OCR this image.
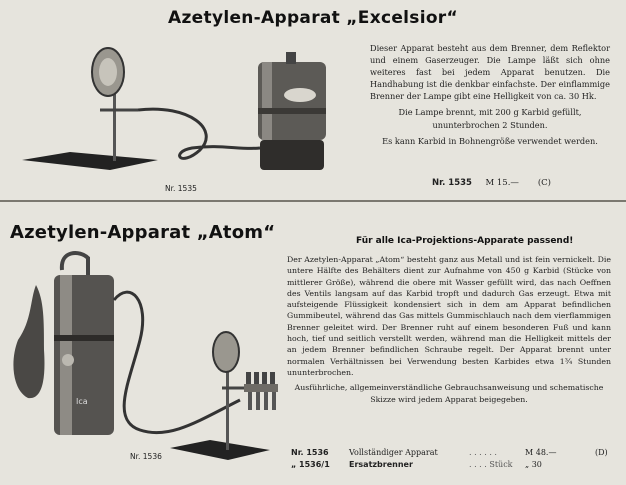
Ica
Azetylen-Apparat „Excelsior“

Dieser Apparat besteht aus dem Brenner, dem Reflektor und einem Gaserzeuger. Die Lampe läßt sich ohne weiteres fast bei jedem Apparat benutzen. Die Handhabung ist die denkbar einfachste. Der einflammige Brenner der Lampe gibt eine Helligkeit von ca. 30 Hk.

Die Lampe brennt, mit 200 g Karbid gefüllt, ununterbrochen 2 Stunden.

Es kann Karbid in Bohnengröße verwendet werden.

Nr. 1535
Nr. 1535 M 15.— (C)
Azetylen-Apparat „Atom“	Für alle Ica-Projektions-Apparate passend!

Der Azetylen-Apparat „Atom“ besteht ganz aus Metall und ist fein vernickelt. Die untere Hälfte des Behälters dient zur Aufnahme von 450 g Karbid (Stücke von mittlerer Größe), während die obere mit Wasser gefüllt wird, das nach Oeffnen des Ventils langsam auf das Karbid tropft und dadurch Gas erzeugt. Etwa mit aufsteigende Flüssigkeit kondensiert sich in dem am Apparat befindlichen Gummibeutel, während das Gas mittels Gummischlauch nach dem vierflammigen Brenner geleitet wird. Der Brenner ruht auf einem besonderen Fuß und kann hoch, tief und seitlich verstellt werden, während man die Helligkeit mittels der an jedem Brenner befindlichen Schraube regelt. Der Apparat brennt unter normalen Verhältnissen bei Verwendung besten Karbides etwa 1¾ Stunden ununterbrochen.

Ausführliche, allgemeinverständliche Gebrauchsanweisung und schematische Skizze wird jedem Apparat beigegeben.

Nr. 1536	Nr. 1536	Vollständiger Apparat	. . . . . .	M 48.—	(D)
„ 1536/1	Ersatzbrenner	. . . . Stück	„ 30
